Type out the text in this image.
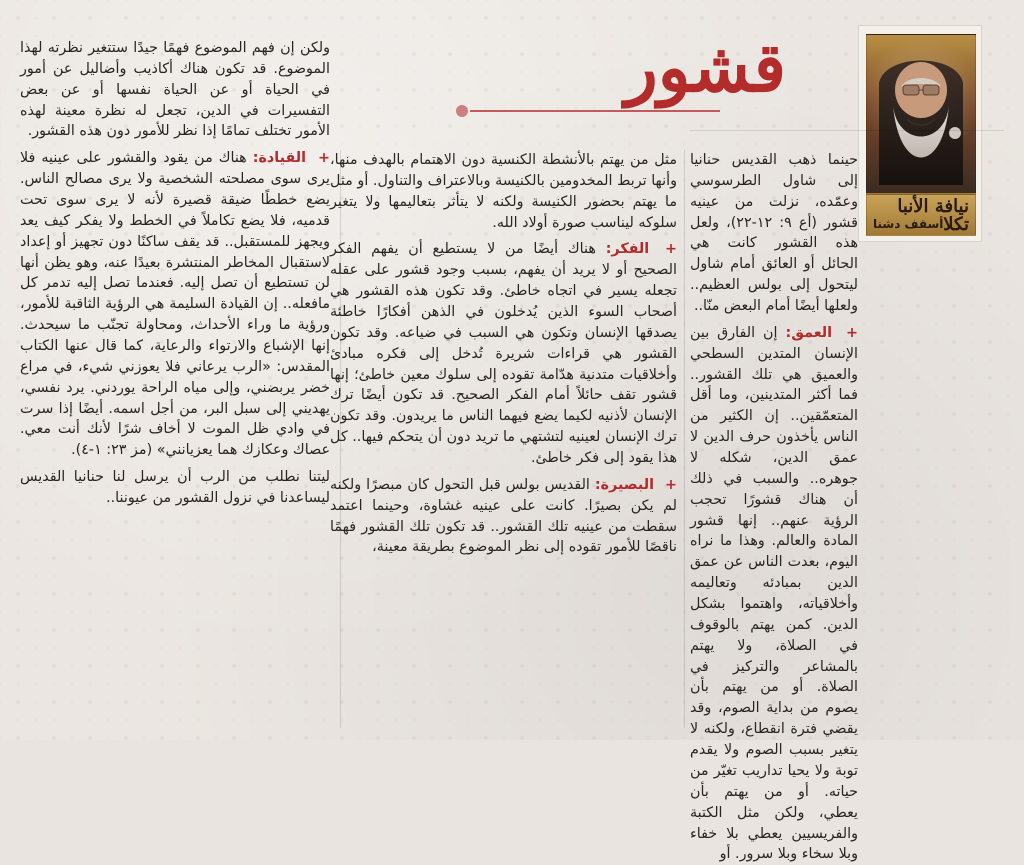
قشور
نيافة الأنبا تكلا
أسقف دشنا

حينما ذهب القديس حنانيا إلى شاول الطرسوسي وعمّده، نزلت من عينيه قشور (أع ٩: ١٢-٢٢)، ولعل هذه القشور كانت هي الحائل أو العائق أمام شاول ليتحول إلى بولس العظيم.. ولعلها أيضًا أمام البعض منّا..

+ العمق: إن الفارق بين الإنسان المتدين السطحي والعميق هي تلك القشور.. فما أكثر المتدينين، وما أقل المتعمّقين.. إن الكثير من الناس يأخذون حرف الدين لا عمق الدين، شكله لا جوهره.. والسبب في ذلك أن هناك قشورًا تحجب الرؤية عنهم.. إنها قشور المادة والعالم. وهذا ما نراه اليوم، بعدت الناس عن عمق الدين بمبادئه وتعاليمه وأخلاقياته، واهتموا بشكل الدين. كمن يهتم بالوقوف في الصلاة، ولا يهتم بالمشاعر والتركيز في الصلاة. أو من يهتم بأن يصوم من بداية الصوم، وقد يقضي فترة انقطاع، ولكنه لا يتغير بسبب الصوم ولا يقدم توبة ولا يحيا تداريب تغيّر من حياته. أو من يهتم بأن يعطي، ولكن مثل الكتبة والفريسيين يعطي بلا خفاء وبلا سخاء وبلا سرور. أو

مثل من يهتم بالأنشطة الكنسية دون الاهتمام بالهدف منها، وأنها تربط المخدومين بالكنيسة وبالاعتراف والتناول. أو مثل ما يهتم بحضور الكنيسة ولكنه لا يتأثر بتعاليمها ولا يتغير سلوكه ليناسب صورة أولاد الله.

+ الفكر: هناك أيضًا من لا يستطيع أن يفهم الفكر الصحيح أو لا يريد أن يفهم، بسبب وجود قشور على عقله تجعله يسير في اتجاه خاطئ. وقد تكون هذه القشور هي أصحاب السوء الذين يُدخلون في الذهن أفكارًا خاطئة يصدقها الإنسان وتكون هي السبب في ضياعه. وقد تكون القشور هي قراءات شريرة تُدخل إلى فكره مبادئ وأخلاقيات متدنية هدّامة تقوده إلى سلوك معين خاطئ؛ إنها قشور تقف حائلاً أمام الفكر الصحيح. قد تكون أيضًا ترك الإنسان لأذنيه لكيما يضع فيهما الناس ما يريدون. وقد تكون ترك الإنسان لعينيه لتشتهي ما تريد دون أن يتحكم فيها.. كل هذا يقود إلى فكر خاطئ.

+ البصيرة: القديس بولس قبل التحول كان مبصرًا ولكنه لم يكن بصيرًا. كانت على عينيه غشاوة، وحينما اعتمد سقطت من عينيه تلك القشور.. قد تكون تلك القشور فهمًا ناقصًا للأمور تقوده إلى نظر الموضوع بطريقة معينة،

ولكن إن فهم الموضوع فهمًا جيدًا ستتغير نظرته لهذا الموضوع. قد تكون هناك أكاذيب وأضاليل عن أمور في الحياة أو عن الحياة نفسها أو عن بعض التفسيرات في الدين، تجعل له نظرة معينة لهذه الأمور تختلف تمامًا إذا نظر للأمور دون هذه القشور.

+ القيادة: هناك من يقود والقشور على عينيه فلا يرى سوى مصلحته الشخصية ولا يرى مصالح الناس. يضع خططًا ضيقة قصيرة لأنه لا يرى سوى تحت قدميه، فلا يضع تكاملاً في الخطط ولا يفكر كيف يعد ويجهز للمستقبل.. قد يقف ساكنًا دون تجهيز أو إعداد لاستقبال المخاطر المنتشرة بعيدًا عنه، وهو يظن أنها لن تستطيع أن تصل إليه. فعندما تصل إليه تدمر كل مافعله.. إن القيادة السليمة هي الرؤية الثاقبة للأمور، ورؤية ما وراء الأحداث، ومحاولة تجنّب ما سيحدث. إنها الإشباع والارتواء والرعاية، كما قال عنها الكتاب المقدس: «الرب يرعاني فلا يعوزني شيء، في مراع خضر يربضني، وإلى مياه الراحة يوردني. يرد نفسي، يهديني إلى سبل البر، من أجل اسمه. أيضًا إذا سرت في وادي ظل الموت لا أخاف شرًا لأنك أنت معي. عصاك وعكازك هما يعزيانني» (مز ٢٣: ١-٤).

ليتنا نطلب من الرب أن يرسل لنا حنانيا القديس ليساعدنا في نزول القشور من عيوننا..
